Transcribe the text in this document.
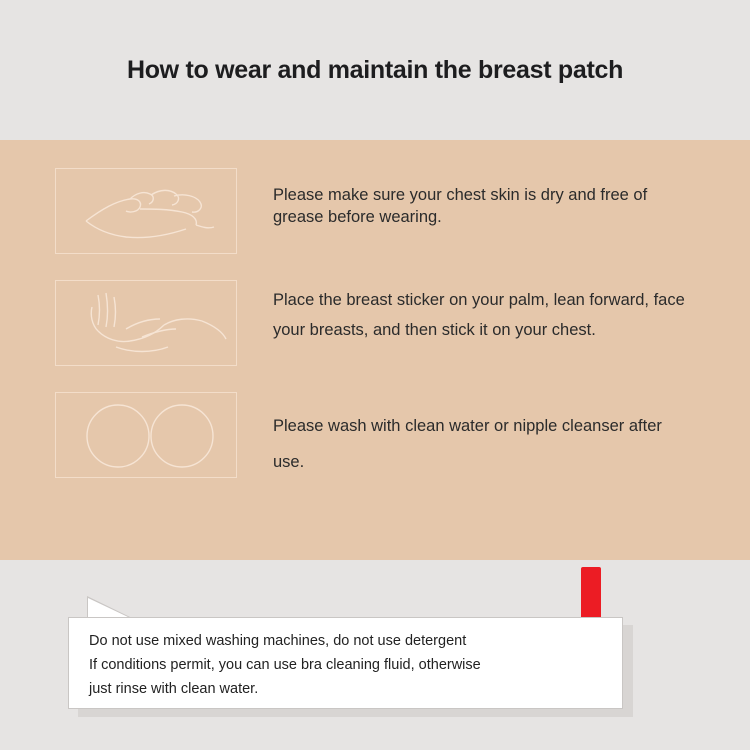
How to wear and maintain the breast patch
Please make sure your chest skin is dry and free of grease before wearing.
Place the breast sticker on your palm, lean forward, face your breasts, and then stick it on your chest.
Please wash with clean water or nipple cleanser after use.
Do not use mixed washing machines, do not use detergent
If conditions permit, you can use bra cleaning fluid, otherwise
just rinse with clean water.
